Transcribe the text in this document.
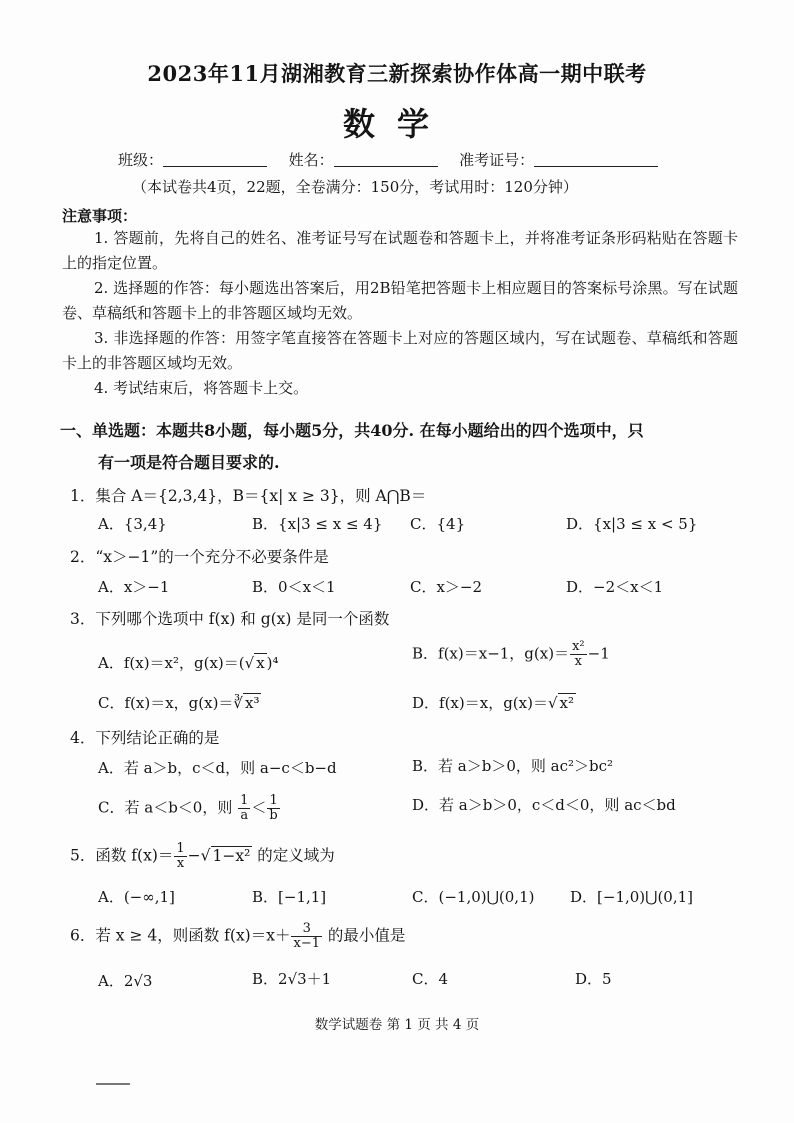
2023年11月湖湘教育三新探索协作体高一期中联考
数学
班级：	姓名：	准考证号：
（本试卷共4页，22题，全卷满分：150分，考试用时：120分钟）
注意事项：
1. 答题前，先将自己的姓名、准考证号写在试题卷和答题卡上，并将准考证条形码粘贴在答题卡上的指定位置。
2. 选择题的作答：每小题选出答案后，用2B铅笔把答题卡上相应题目的答案标号涂黑。写在试题卷、草稿纸和答题卡上的非答题区域均无效。
3. 非选择题的作答：用签字笔直接答在答题卡上对应的答题区域内，写在试题卷、草稿纸和答题卡上的非答题区域均无效。
4. 考试结束后，将答题卡上交。
一、单选题：本题共8小题，每小题5分，共40分. 在每小题给出的四个选项中，只
有一项是符合题目要求的.
1．集合 A＝{2,3,4}，B＝{x| x ≥ 3}，则 A⋂B＝
A．{3,4}	B．{x|3 ≤ x ≤ 4} C．{4}	D．{x|3 ≤ x < 5}
2．“x＞−1”的一个充分不必要条件是
A．x＞−1	B．0＜x＜1	C．x＞−2	D．−2＜x＜1
3．下列哪个选项中 f(x) 和 g(x) 是同一个函数
A．f(x)＝x²，g(x)＝(√ x )⁴
B．f(x)＝x−1，$g(x)= \frac{\text{x²}}{x} -1$
C．f(x)＝x，g(x)＝∛ x³	D．f(x)＝x，g(x)＝√ x²
4．下列结论正确的是
A．若 a＞b，c＜d，则 a−c＜b−d	B．若 a＞b＞0，则 ac²＞bc²
C．若 a＜b＜0，则 $\frac{1}{a} < \frac{1}{b}$	D．若 a＞b＞0，c＜d＜0，则 ac＜bd
5．函数 $f(x)= \frac{1}{x}$ −√ 1−x² 的定义域为
A．(−∞,1]	B．[−1,1]	C．(−1,0)⋃(0,1) D．[−1,0)⋃(0,1]
6．若 x ≥ 4，则函数 $f(x)=x+ \frac{3}{x-1}$ 的最小值是
A．2√3	B．2√3＋1	C．4	D．5
数学试题卷 第 1 页 共 4 页
